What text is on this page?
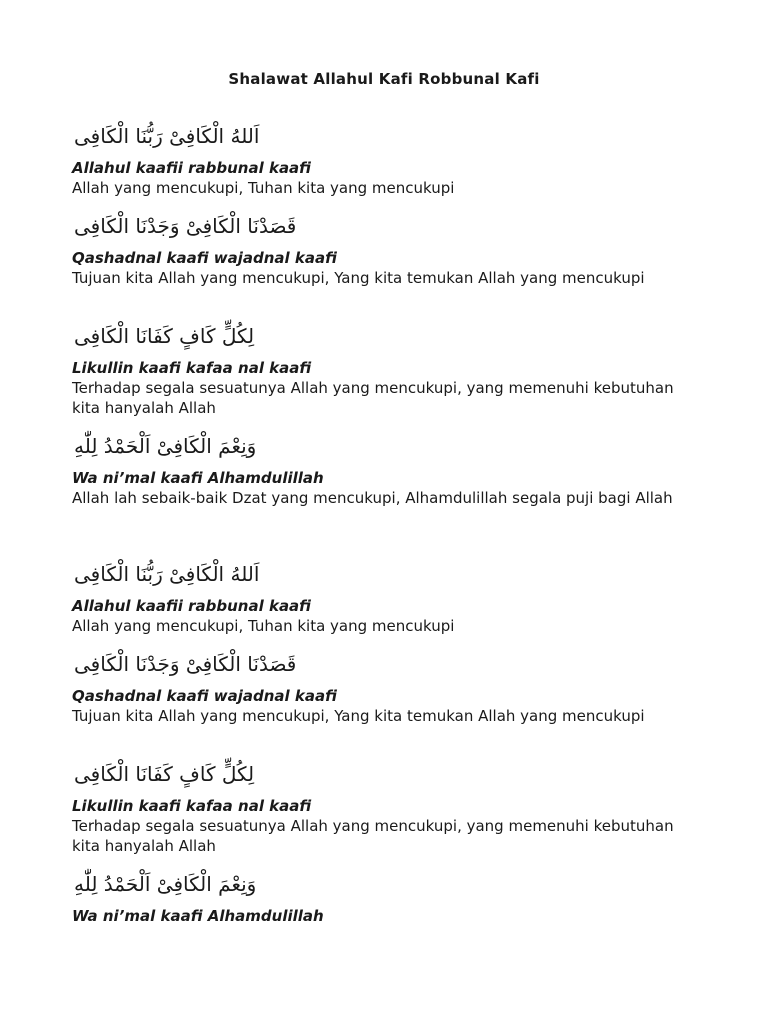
Shalawat Allahul Kafi Robbunal Kafi
اَللهُ الْكَافِىْ رَبُّنَا الْكَافِى
Allahul kaafii rabbunal kaafi
Allah yang mencukupi, Tuhan kita yang mencukupi
قَصَدْنَا الْكَافِىْ وَجَدْنَا الْكَافِى
Qashadnal kaafi wajadnal kaafi
Tujuan kita Allah yang mencukupi, Yang kita temukan Allah yang mencukupi
لِكُلٍّ كَافٍ كَفَانَا الْكَافِى
Likullin kaafi kafaa nal kaafi
Terhadap segala sesuatunya Allah yang mencukupi, yang memenuhi kebutuhan kita hanyalah Allah
وَنِعْمَ الْكَافِىْ اَلْحَمْدُ لِلّٰهِ
Wa ni’mal kaafi Alhamdulillah
Allah lah sebaik-baik Dzat yang mencukupi, Alhamdulillah segala puji bagi Allah
اَللهُ الْكَافِىْ رَبُّنَا الْكَافِى
Allahul kaafii rabbunal kaafi
Allah yang mencukupi, Tuhan kita yang mencukupi
قَصَدْنَا الْكَافِىْ وَجَدْنَا الْكَافِى
Qashadnal kaafi wajadnal kaafi
Tujuan kita Allah yang mencukupi, Yang kita temukan Allah yang mencukupi
لِكُلٍّ كَافٍ كَفَانَا الْكَافِى
Likullin kaafi kafaa nal kaafi
Terhadap segala sesuatunya Allah yang mencukupi, yang memenuhi kebutuhan kita hanyalah Allah
وَنِعْمَ الْكَافِىْ اَلْحَمْدُ لِلّٰهِ
Wa ni’mal kaafi Alhamdulillah
